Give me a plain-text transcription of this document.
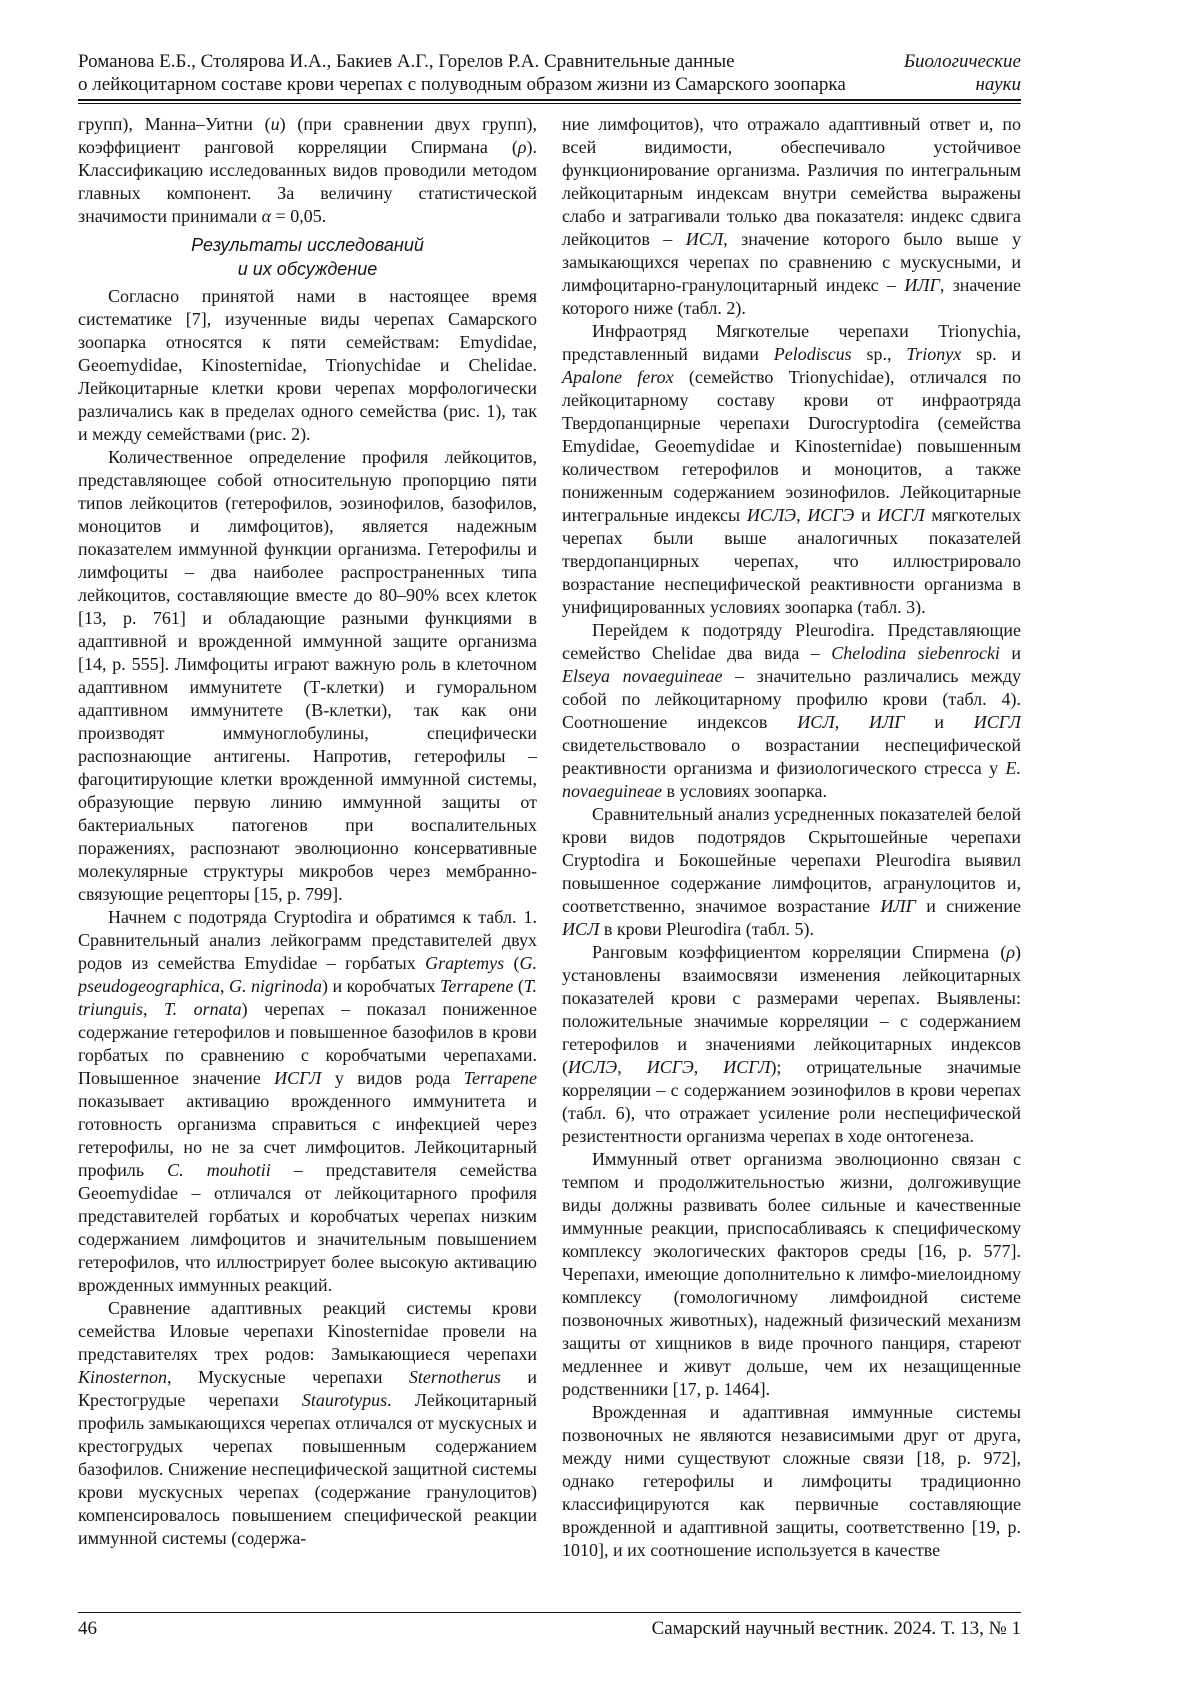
Романова Е.Б., Столярова И.А., Бакиев А.Г., Горелов Р.А. Сравнительные данные
о лейкоцитарном составе крови черепах с полуводным образом жизни из Самарского зоопарка
Биологические
науки

групп), Манна–Уитни (u) (при сравнении двух групп), коэффициент ранговой корреляции Спирмана (ρ). Классификацию исследованных видов проводили методом главных компонент. За величину статистической значимости принимали α = 0,05.

Результаты исследований
и их обсуждение

Согласно принятой нами в настоящее время систематике [7], изученные виды черепах Самарского зоопарка относятся к пяти семействам: Emydidae, Geoemydidae, Kinosternidae, Trionychidae и Chelidae. Лейкоцитарные клетки крови черепах морфологически различались как в пределах одного семейства (рис. 1), так и между семействами (рис. 2).

Количественное определение профиля лейкоцитов, представляющее собой относительную пропорцию пяти типов лейкоцитов (гетерофилов, эозинофилов, базофилов, моноцитов и лимфоцитов), является надежным показателем иммунной функции организма. Гетерофилы и лимфоциты – два наиболее распространенных типа лейкоцитов, составляющие вместе до 80–90% всех клеток [13, p. 761] и обладающие разными функциями в адаптивной и врожденной иммунной защите организма [14, p. 555]. Лимфоциты играют важную роль в клеточном адаптивном иммунитете (Т-клетки) и гуморальном адаптивном иммунитете (В-клетки), так как они производят иммуноглобулины, специфически распознающие антигены. Напротив, гетерофилы – фагоцитирующие клетки врожденной иммунной системы, образующие первую линию иммунной защиты от бактериальных патогенов при воспалительных поражениях, распознают эволюционно консервативные молекулярные структуры микробов через мембранно-связующие рецепторы [15, p. 799].

Начнем с подотряда Cryptodira и обратимся к табл. 1. Сравнительный анализ лейкограмм представителей двух родов из семейства Emydidae – горбатых Graptemys (G. pseudogeographica, G. nigrinoda) и коробчатых Terrapene (T. triunguis, T. ornata) черепах – показал пониженное содержание гетерофилов и повышенное базофилов в крови горбатых по сравнению с коробчатыми черепахами. Повышенное значение ИСГЛ у видов рода Terrapene показывает активацию врожденного иммунитета и готовность организма справиться с инфекцией через гетерофилы, но не за счет лимфоцитов. Лейкоцитарный профиль C. mouhotii – представителя семейства Geoemydidae – отличался от лейкоцитарного профиля представителей горбатых и коробчатых черепах низким содержанием лимфоцитов и значительным повышением гетерофилов, что иллюстрирует более высокую активацию врожденных иммунных реакций.

Сравнение адаптивных реакций системы крови семейства Иловые черепахи Kinosternidae провели на представителях трех родов: Замыкающиеся черепахи Kinosternon, Мускусные черепахи Sternotherus и Крестогрудые черепахи Staurotypus. Лейкоцитарный профиль замыкающихся черепах отличался от мускусных и крестогрудых черепах повышенным содержанием базофилов. Снижение неспецифической защитной системы крови мускусных черепах (содержание гранулоцитов) компенсировалось повышением специфической реакции иммунной системы (содержа-

ние лимфоцитов), что отражало адаптивный ответ и, по всей видимости, обеспечивало устойчивое функционирование организма. Различия по интегральным лейкоцитарным индексам внутри семейства выражены слабо и затрагивали только два показателя: индекс сдвига лейкоцитов – ИСЛ, значение которого было выше у замыкающихся черепах по сравнению с мускусными, и лимфоцитарно-гранулоцитарный индекс – ИЛГ, значение которого ниже (табл. 2).

Инфраотряд Мягкотелые черепахи Trionychia, представленный видами Pelodiscus sp., Trionyx sp. и Apalone ferox (семейство Trionychidae), отличался по лейкоцитарному составу крови от инфраотряда Твердопанцирные черепахи Durocryptodira (семейства Emydidae, Geoemydidae и Kinosternidae) повышенным количеством гетерофилов и моноцитов, а также пониженным содержанием эозинофилов. Лейкоцитарные интегральные индексы ИСЛЭ, ИСГЭ и ИСГЛ мягкотелых черепах были выше аналогичных показателей твердопанцирных черепах, что иллюстрировало возрастание неспецифической реактивности организма в унифицированных условиях зоопарка (табл. 3).

Перейдем к подотряду Pleurodira. Представляющие семейство Chelidae два вида – Chelodina siebenrocki и Elseya novaeguineae – значительно различались между собой по лейкоцитарному профилю крови (табл. 4). Соотношение индексов ИСЛ, ИЛГ и ИСГЛ свидетельствовало о возрастании неспецифической реактивности организма и физиологического стресса у E. novaeguineae в условиях зоопарка.

Сравнительный анализ усредненных показателей белой крови видов подотрядов Скрытошейные черепахи Cryptodira и Бокошейные черепахи Pleurodira выявил повышенное содержание лимфоцитов, агранулоцитов и, соответственно, значимое возрастание ИЛГ и снижение ИСЛ в крови Pleurodira (табл. 5).

Ранговым коэффициентом корреляции Спирмена (ρ) установлены взаимосвязи изменения лейкоцитарных показателей крови с размерами черепах. Выявлены: положительные значимые корреляции – с содержанием гетерофилов и значениями лейкоцитарных индексов (ИСЛЭ, ИСГЭ, ИСГЛ); отрицательные значимые корреляции – с содержанием эозинофилов в крови черепах (табл. 6), что отражает усиление роли неспецифической резистентности организма черепах в ходе онтогенеза.

Иммунный ответ организма эволюционно связан с темпом и продолжительностью жизни, долгоживущие виды должны развивать более сильные и качественные иммунные реакции, приспосабливаясь к специфическому комплексу экологических факторов среды [16, p. 577]. Черепахи, имеющие дополнительно к лимфо-миелоидному комплексу (гомологичному лимфоидной системе позвоночных животных), надежный физический механизм защиты от хищников в виде прочного панциря, стареют медленнее и живут дольше, чем их незащищенные родственники [17, p. 1464].

Врожденная и адаптивная иммунные системы позвоночных не являются независимыми друг от друга, между ними существуют сложные связи [18, p. 972], однако гетерофилы и лимфоциты традиционно классифицируются как первичные составляющие врожденной и адаптивной защиты, соответственно [19, p. 1010], и их соотношение используется в качестве

46	Самарский научный вестник. 2024. Т. 13, № 1
